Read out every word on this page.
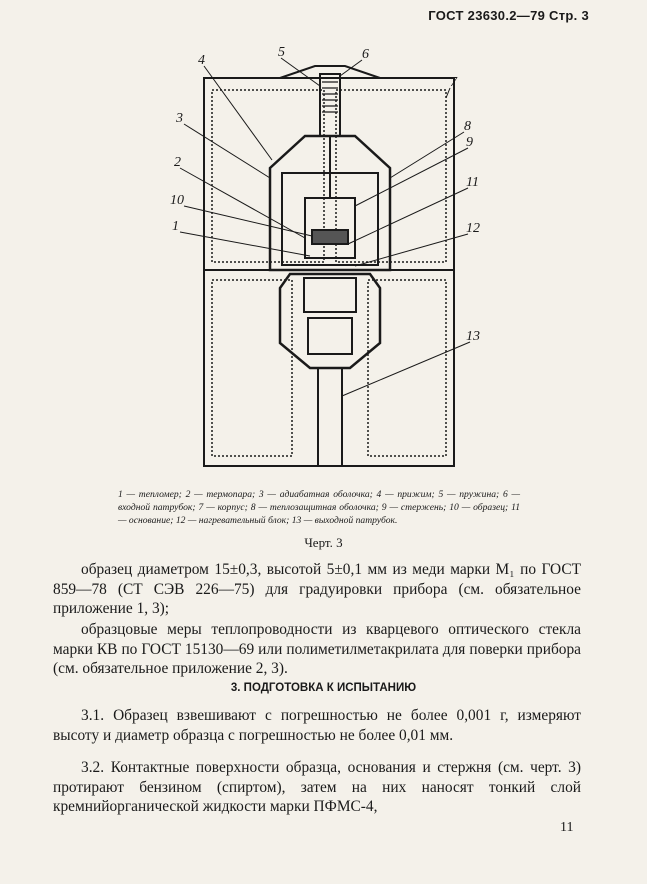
ГОСТ 23630.2—79 Стр. 3
5	6
4
7
3
8
9
2
10
11
1	12
13
1 — тепломер; 2 — термопара; 3 — адиабатная оболочка; 4 — прижим; 5 — пружина; 6 — входной патрубок; 7 — корпус; 8 — теплозащитная оболочка; 9 — стержень; 10 — образец; 11 — основание; 12 — нагревательный блок; 13 — выходной патрубок.
Черт. 3
образец диаметром 15±0,3, высотой 5±0,1 мм из меди марки М₁ по ГОСТ 859—78 (СТ СЭВ 226—75) для градуировки прибора (см. обязательное приложение 1, 3);
образцовые меры теплопроводности из кварцевого оптического стекла марки КВ по ГОСТ 15130—69 или полиметилметакрилата для поверки прибора (см. обязательное приложение 2, 3).
3. ПОДГОТОВКА К ИСПЫТАНИЮ
3.1. Образец взвешивают с погрешностью не более 0,001 г, измеряют высоту и диаметр образца с погрешностью не более 0,01 мм.
3.2. Контактные поверхности образца, основания и стержня (см. черт. 3) протирают бензином (спиртом), затем на них наносят тонкий слой кремнийорганической жидкости марки ПФМС-4,
11
